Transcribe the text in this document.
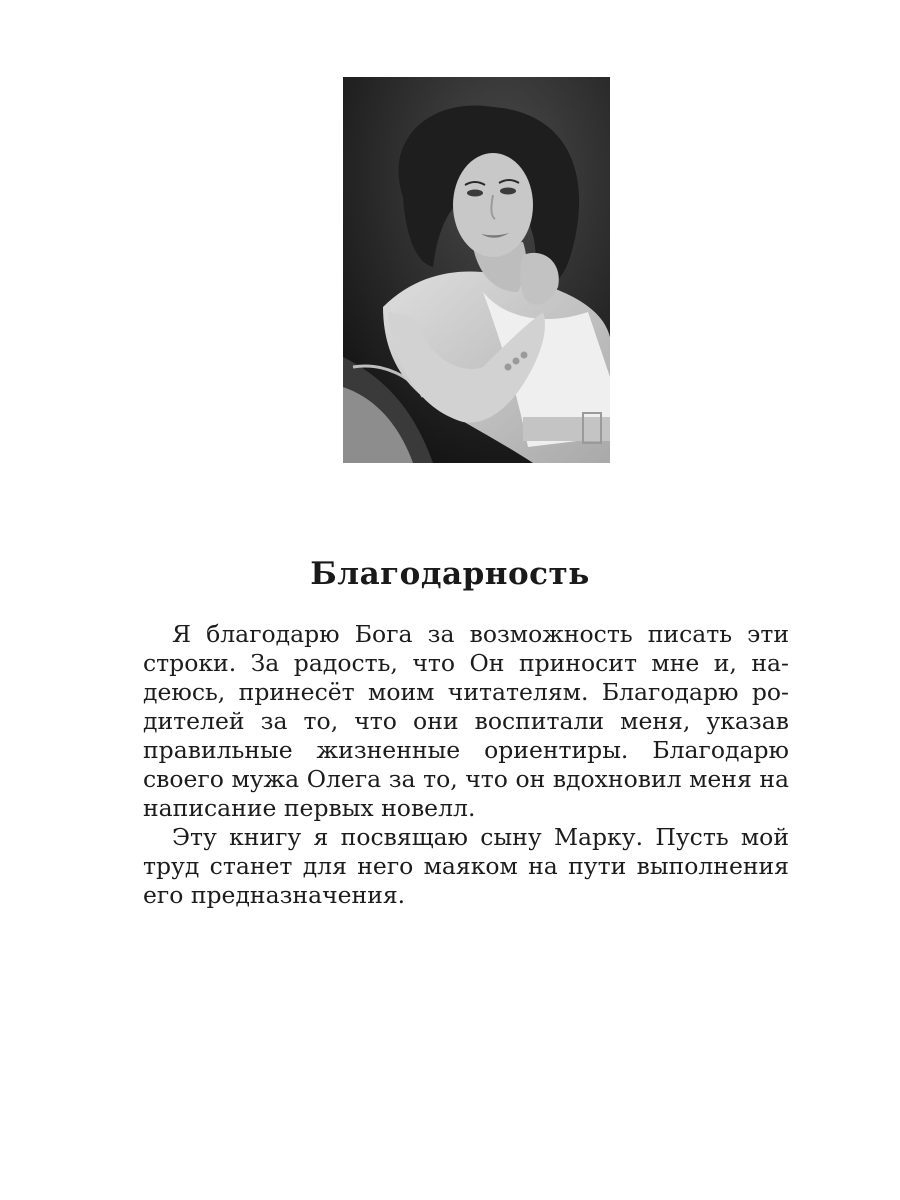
Благодарность
Я благодарю Бога за возможность писать эти
строки. За радость, что Он приносит мне и, на-
деюсь, принесёт моим читателям. Благодарю ро-
дителей за то, что они воспитали меня, указав
правильные жизненные ориентиры. Благодарю
своего мужа Олега за то, что он вдохновил меня на
написание первых новелл.
Эту книгу я посвящаю сыну Марку. Пусть мой
труд станет для него маяком на пути выполнения
его предназначения.
